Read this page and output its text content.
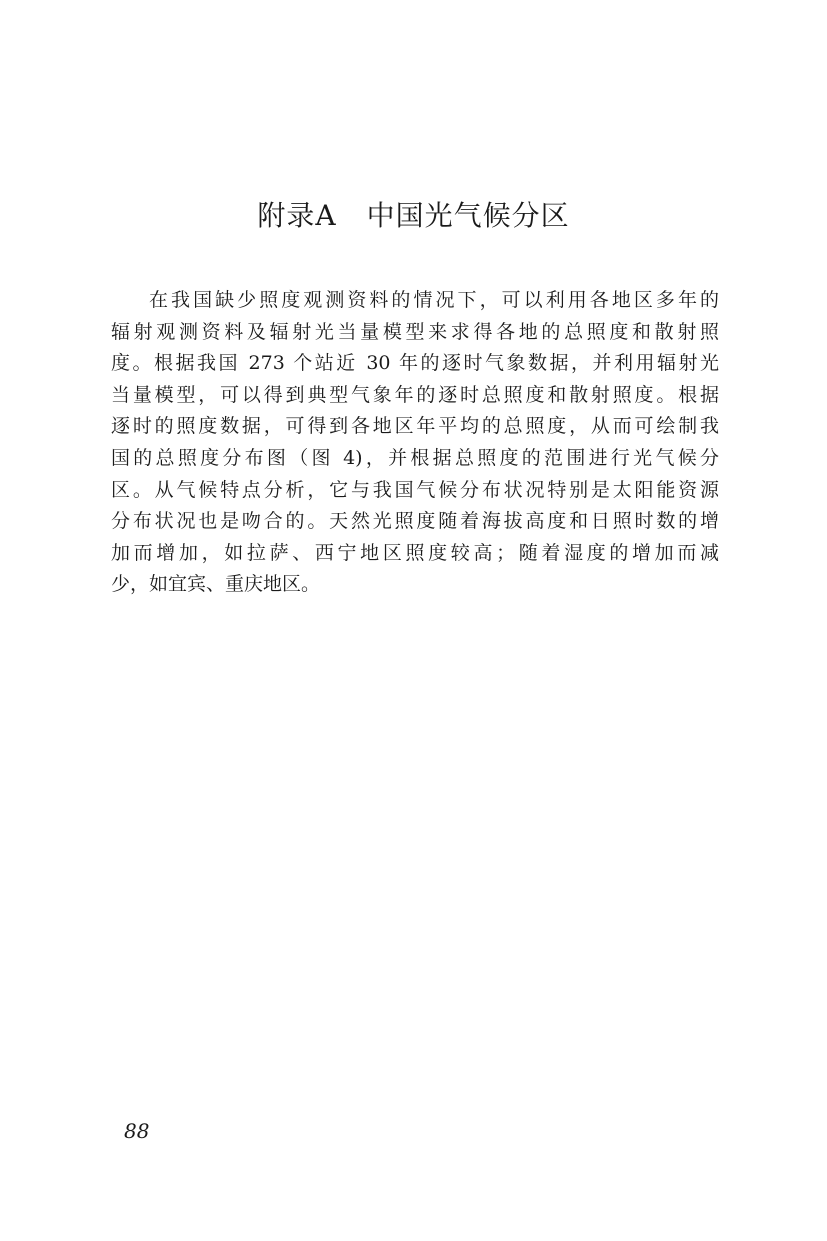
附录A 中国光气候分区
在我国缺少照度观测资料的情况下，可以利用各地区多年的
辐射观测资料及辐射光当量模型来求得各地的总照度和散射照
度。根据我国 273 个站近 30 年的逐时气象数据，并利用辐射光
当量模型，可以得到典型气象年的逐时总照度和散射照度。根据
逐时的照度数据，可得到各地区年平均的总照度，从而可绘制我
国的总照度分布图（图 4)，并根据总照度的范围进行光气候分
区。从气候特点分析，它与我国气候分布状况特别是太阳能资源
分布状况也是吻合的。天然光照度随着海拔高度和日照时数的增
加而增加，如拉萨、西宁地区照度较高；随着湿度的增加而减
少，如宜宾、重庆地区。
88
